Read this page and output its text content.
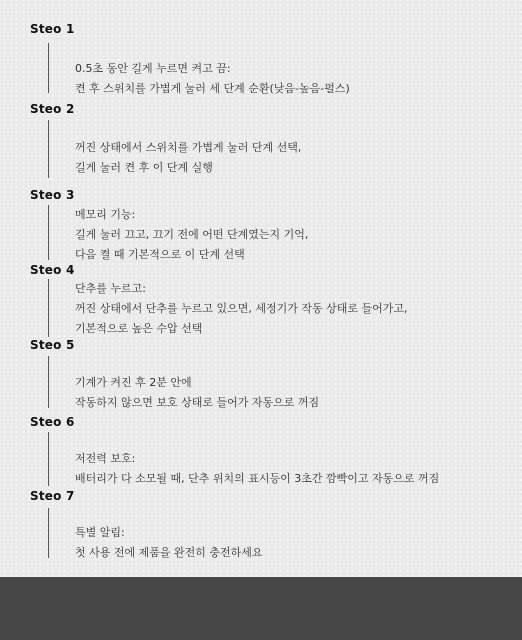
Steo 1
0.5초 동안 길게 누르면 켜고 끔:
켠 후 스위치를 가볍게 눌러 세 단계 순환(낮음-높음-펄스)
Steo 2
꺼진 상태에서 스위치를 가볍게 눌러 단계 선택,
길게 눌러 켠 후 이 단계 실행
Steo 3
메모리 기능:
길게 눌러 끄고, 끄기 전에 어떤 단계였는지 기억,
다음 켤 때 기본적으로 이 단계 선택
Steo 4
단추를 누르고:
꺼진 상태에서 단추를 누르고 있으면, 세정기가 작동 상태로 들어가고,
기본적으로 높은 수압 선택
Steo 5
기계가 켜진 후 2분 안에
작동하지 않으면 보호 상태로 들어가 자동으로 꺼짐
Steo 6
저전력 보호:
배터리가 다 소모될 때, 단추 위치의 표시등이 3초간 깜빡이고 자동으로 꺼짐
Steo 7
특별 알림:
첫 사용 전에 제품을 완전히 충전하세요
